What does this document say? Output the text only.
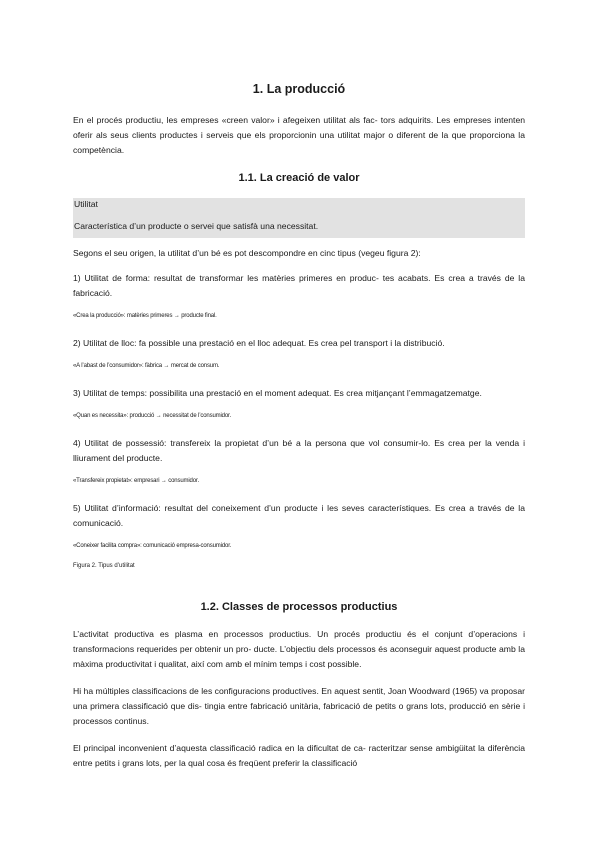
1. La producció

En el procés productiu, les empreses «creen valor» i afegeixen utilitat als fac- tors adquirits. Les empreses intenten oferir als seus clients productes i serveis que els proporcionin una utilitat major o diferent de la que proporciona la competència.

1.1. La creació de valor
Utilitat
Característica d’un producte o servei que satisfà una necessitat.

Segons el seu origen, la utilitat d’un bé es pot descompondre en cinc tipus (vegeu figura 2):

1) Utilitat de forma: resultat de transformar les matèries primeres en produc- tes acabats. Es crea a través de la fabricació.

«Crea la producció»: matèries primeres → producte final.

2) Utilitat de lloc: fa possible una prestació en el lloc adequat. Es crea pel transport i la distribució.

«A l’abast de l’consumidor»: fàbrica → mercat de consum.

3) Utilitat de temps: possibilita una prestació en el moment adequat. Es crea mitjançant l’emmagatzematge.

«Quan es necessita»: producció → necessitat de l’consumidor.

4) Utilitat de possessió: transfereix la propietat d’un bé a la persona que vol consumir-lo. Es crea per la venda i lliurament del producte.

«Transfereix propietat»: empresari → consumidor.

5) Utilitat d’informació: resultat del coneixement d’un producte i les seves característiques. Es crea a través de la comunicació.

«Coneixer facilita compra»: comunicació empresa-consumidor.

Figura 2. Tipus d’utilitat

1.2. Classes de processos productius

L’activitat productiva es plasma en processos productius. Un procés productiu és el conjunt d’operacions i transformacions requerides per obtenir un pro- ducte. L’objectiu dels processos és aconseguir aquest producte amb la màxima productivitat i qualitat, així com amb el mínim temps i cost possible.

Hi ha múltiples classificacions de les configuracions productives. En aquest sentit, Joan Woodward (1965) va proposar una primera classificació que dis- tingia entre fabricació unitària, fabricació de petits o grans lots, producció en sèrie i processos continus.

El principal inconvenient d’aquesta classificació radica en la dificultat de ca- racteritzar sense ambigüitat la diferència entre petits i grans lots, per la qual cosa és freqüent preferir la classificació
